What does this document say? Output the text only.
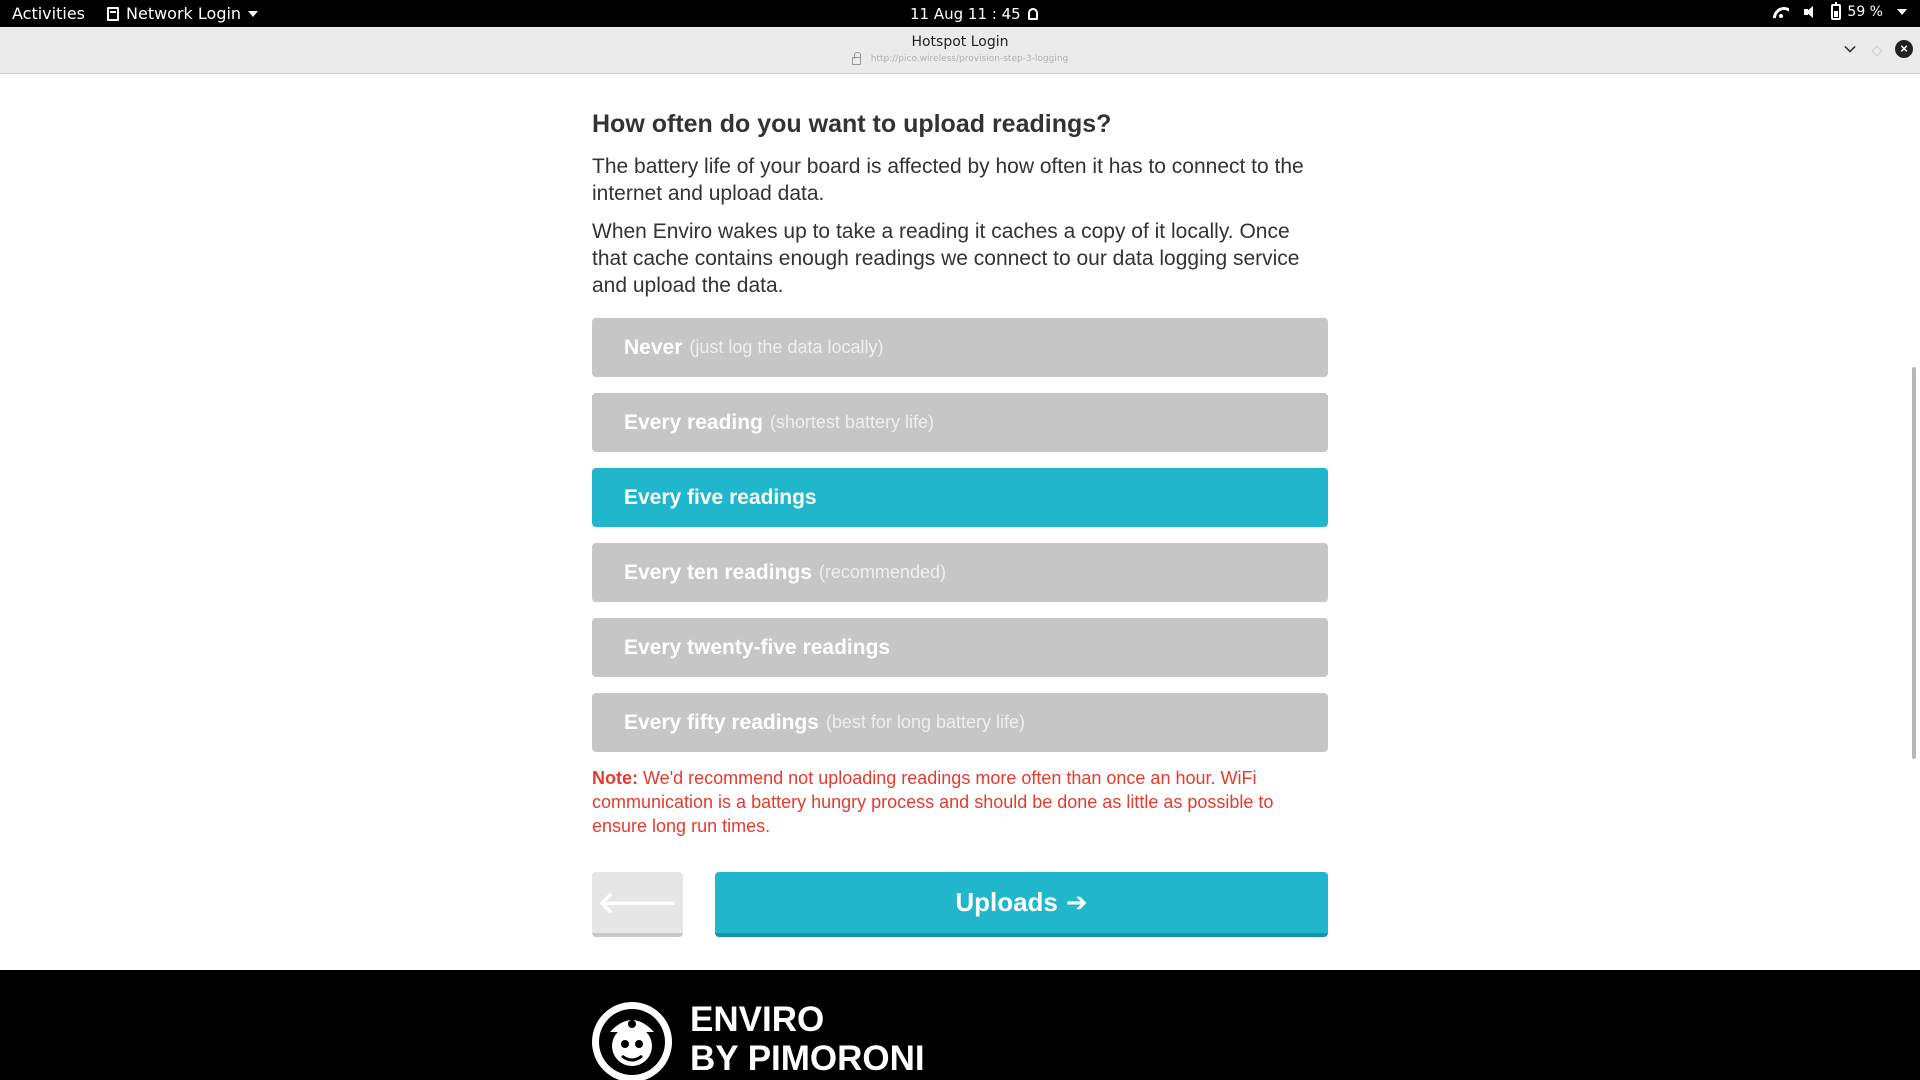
Activities	Network Login	11 Aug 11 : 45	59 %
Hotspot Login
http://pico.wireless/provision-step-3-logging
×
How often do you want to upload readings?

The battery life of your board is affected by how often it has to connect to the internet and upload data.

When Enviro wakes up to take a reading it caches a copy of it locally. Once that cache contains enough readings we connect to our data logging service and upload the data.

Never (just log the data locally)
Every reading (shortest battery life)
Every five readings
Every ten readings (recommended)
Every twenty-five readings
Every fifty readings (best for long battery life)

Note: We'd recommend not uploading readings more often than once an hour. WiFi communication is a battery hungry process and should be done as little as possible to ensure long run times.

🡐	Uploads ➔
ENVIRO
BY PIMORONI
